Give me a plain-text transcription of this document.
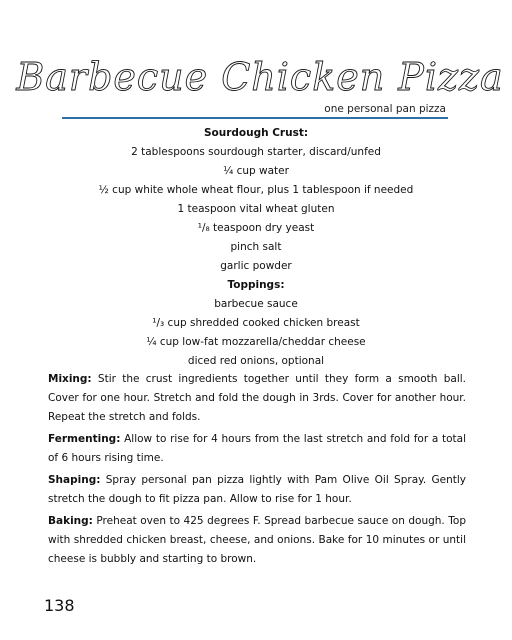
Barbecue Chicken Pizza
one personal pan pizza

Sourdough Crust:

2 tablespoons sourdough starter, discard/unfed

¼ cup water

½ cup white whole wheat flour, plus 1 tablespoon if needed

1 teaspoon vital wheat gluten

¹/₈ teaspoon dry yeast

pinch salt

garlic powder

Toppings:

barbecue sauce

¹/₃ cup shredded cooked chicken breast

¼ cup low-fat mozzarella/cheddar cheese

diced red onions, optional

Mixing: Stir the crust ingredients together until they form a smooth ball. Cover for one hour. Stretch and fold the dough in 3rds. Cover for another hour. Repeat the stretch and folds.

Fermenting: Allow to rise for 4 hours from the last stretch and fold for a total of 6 hours rising time.

Shaping: Spray personal pan pizza lightly with Pam Olive Oil Spray. Gently stretch the dough to fit pizza pan. Allow to rise for 1 hour.

Baking: Preheat oven to 425 degrees F. Spread barbecue sauce on dough. Top with shredded chicken breast, cheese, and onions. Bake for 10 minutes or until cheese is bubbly and starting to brown.

138
